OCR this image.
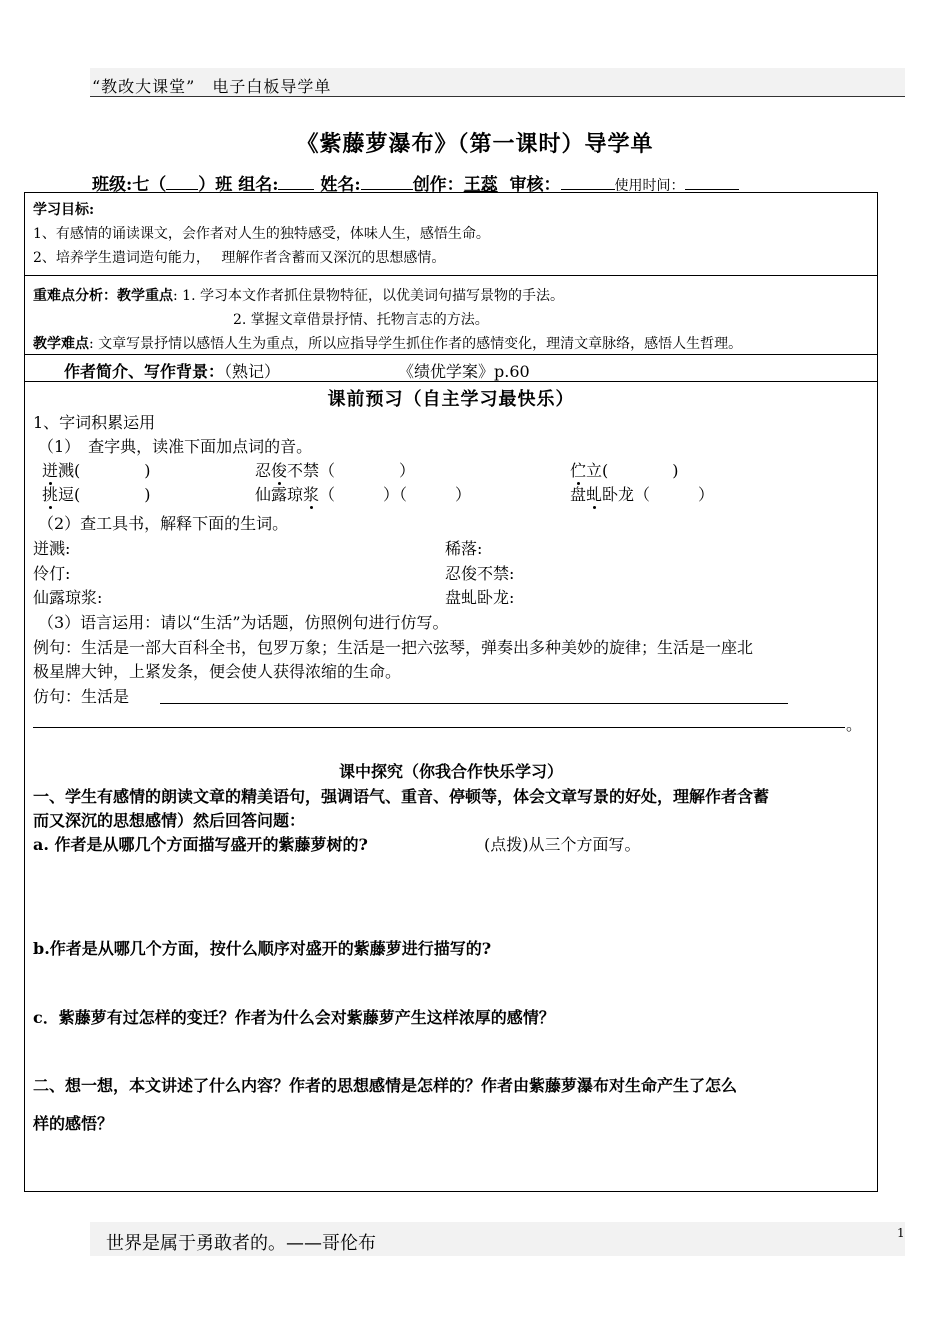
“教改大课堂”　电子白板导学单
《紫藤萝瀑布》（第一课时）导学单
班级:七（ ）班 组名: 姓名:	创作：王蕊 审核：	使用时间：
学习目标:
1、有感情的诵读课文，会作者对人生的独特感受，体味人生，感悟生命。
2、培养学生遣词造句能力，　 理解作者含蓄而又深沉的思想感情。
重难点分析：教学重点: 1. 学习本文作者抓住景物特征，以优美词句描写景物的手法。
2. 掌握文章借景抒情、托物言志的方法。
教学难点: 文章写景抒情以感悟人生为重点，所以应指导学生抓住作者的感情变化，理清文章脉络，感悟人生哲理。
作者简介、写作背景：（熟记）	《绩优学案》p.60
课前预习（自主学习最快乐）
1、字词积累运用
（1）　查字典，读准下面加点词的音。
迸溅(　　　　)	忍俊不禁（　　　　）	伫立(　　　　)
挑逗(　　　　)	仙露琼浆（　　　）（　　　）	盘虬卧龙（　　　）
（2）查工具书，解释下面的生词。
迸溅:	稀落:
伶仃:	忍俊不禁:
仙露琼浆:	盘虬卧龙:
（3）语言运用：请以“生活”为话题，仿照例句进行仿写。
例句：生活是一部大百科全书，包罗万象；生活是一把六弦琴，弹奏出多种美妙的旋律；生活是一座北
极星牌大钟，上紧发条，便会使人获得浓缩的生命。
仿句：生活是
。
课中探究（你我合作快乐学习）
一、学生有感情的朗读文章的精美语句，强调语气、重音、停顿等，体会文章写景的好处，理解作者含蓄
而又深沉的思想感情）然后回答问题：
a. 作者是从哪几个方面描写盛开的紫藤萝树的?	(点拨)从三个方面写。
b.作者是从哪几个方面，按什么顺序对盛开的紫藤萝进行描写的?
c．紫藤萝有过怎样的变迁？作者为什么会对紫藤萝产生这样浓厚的感情？
二、想一想，本文讲述了什么内容？作者的思想感情是怎样的？作者由紫藤萝瀑布对生命产生了怎么
样的感悟？
世界是属于勇敢者的。——哥伦布	1
